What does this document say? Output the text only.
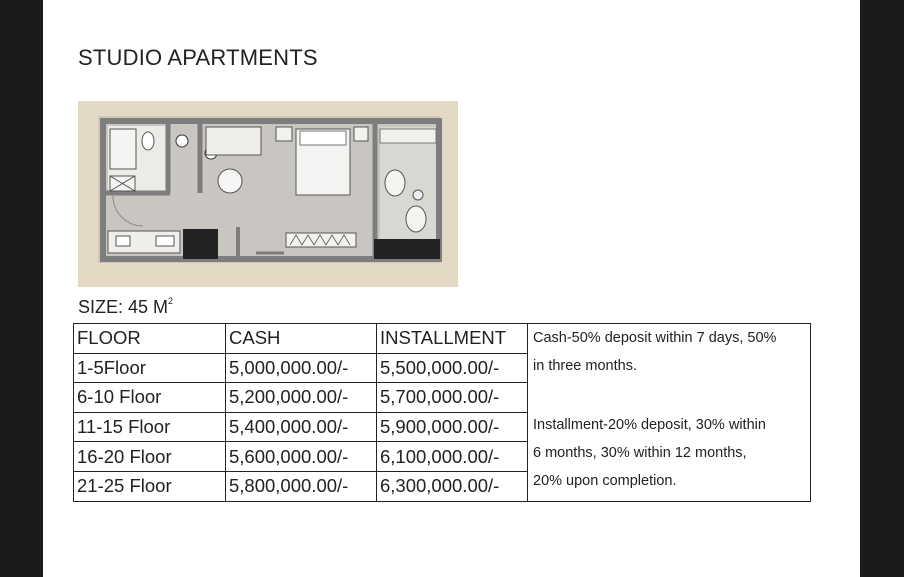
STUDIO APARTMENTS
SIZE: 45 $M^2$
FLOOR	CASH	INSTALLMENT	Cash-50% deposit within 7 days, 50%
in three months.
Installment-20% deposit, 30% within
6 months, 30% within 12 months,
20% upon completion.

1-5Floor	5,000,000.00/-	5,500,000.00/-	
6-10 Floor	5,200,000.00/-	5,700,000.00/-	
11-15 Floor	5,400,000.00/-	5,900,000.00/-	
16-20 Floor	5,600,000.00/-	6,100,000.00/-	
21-25 Floor	5,800,000.00/-	6,300,000.00/-	
